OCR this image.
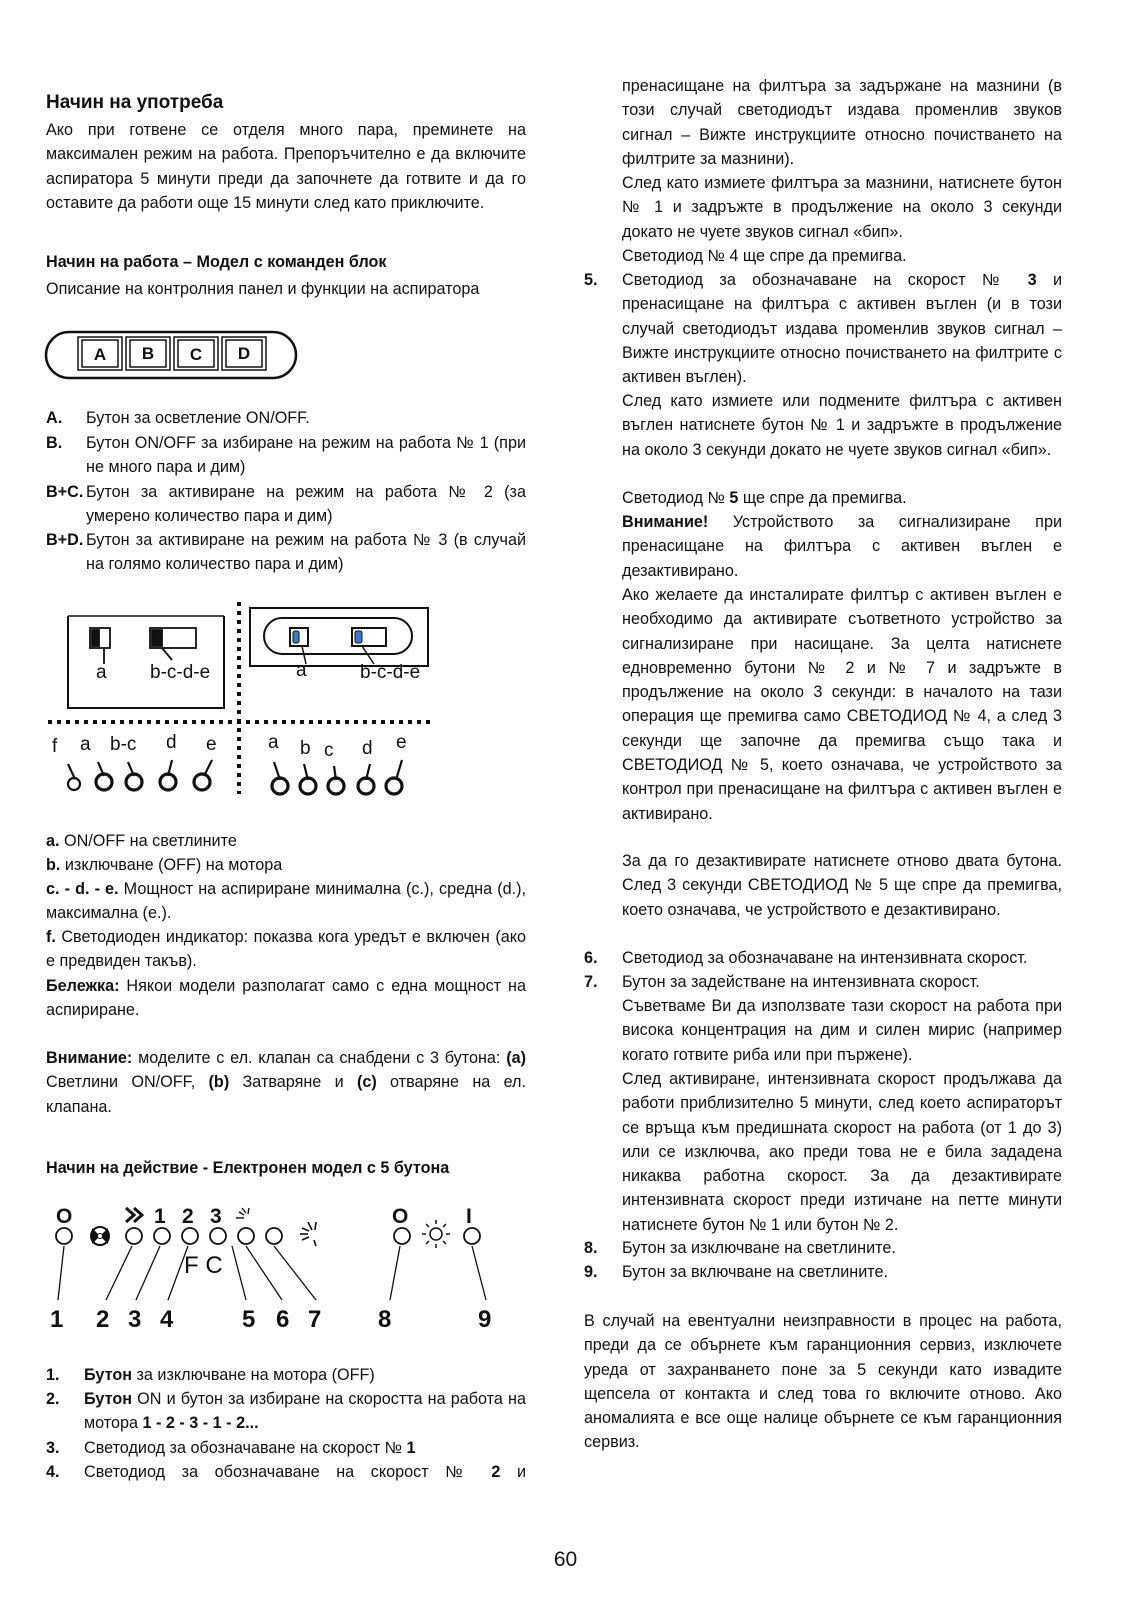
Начин на употреба

Ако при готвене се отделя много пара, преминете на максимален режим на работа. Препоръчително е да включите аспиратора 5 минути преди да започнете да готвите и да го оставите да работи още 15 минути след като приключите.

Начин на работа – Модел с команден блок
Описание на контролния панел и функции на аспиратора
A B C D
A.	Бутон за осветление ON/OFF.
B.	Бутон ON/OFF за избиране на режим на работа № 1 (при не много пара и дим)
B+C. Бутон за активиране на режим на работа № 2 (за умерено количество пара и дим)
B+D. Бутон за активиране на режим на работа № 3 (в случай на голямо количество пара и дим)
a b-c-d-e	a	b-c-d-e
f a b-c d e	a b c d e
a. ON/OFF на светлините
b. изключване (OFF) на мотора
c. - d. - e. Мощност на аспириране минимална (c.), средна (d.), максимална (e.).
f. Светодиоден индикатор: показва кога уредът е включен (ако е предвиден такъв).
Бележка: Някои модели разполагат само с една мощност на аспириране.
Внимание: моделите с ел. клапан са снабдени с 3 бутона: (a) Светлини ON/OFF, (b) Затваряне и (c) отваряне на ел. клапана.
Начин на действие - Електронен модел с 5 бутона
O	1 2 3	O	I
F C
1 2 3 4	5 6 7 8	9
1.	Бутон за изключване на мотора (OFF)
2.	Бутон ON и бутон за избиране на скоростта на работа на мотора 1 - 2 - 3 - 1 - 2...
3.	Светодиод за обозначаване на скорост № 1
4.	Светодиод за обозначаване на скорост № 2 и
пренасищане на филтъра за задържане на мазнини (в този случай светодиодът издава променлив звуков сигнал – Вижте инструкциите относно почистването на филтрите за мазнини).
След като измиете филтъра за мазнини, натиснете бутон № 1 и задръжте в продължение на около 3 секунди докато не чуете звуков сигнал «бип».
Светодиод № 4 ще спре да премигва.
5.	Светодиод за обозначаване на скорост № 3 и пренасищане на филтъра с активен въглен (и в този случай светодиодът издава променлив звуков сигнал – Вижте инструкциите относно почистването на филтрите с активен въглен).
След като измиете или подмените филтъра с активен въглен натиснете бутон № 1 и задръжте в продължение на около 3 секунди докато не чуете звуков сигнал «бип».
Светодиод № 5 ще спре да премигва.
Внимание! Устройството за сигнализиране при пренасищане на филтъра с активен въглен е дезактивирано.
Ако желаете да инсталирате филтър с активен въглен е необходимо да активирате съответното устройство за сигнализиране при насищане. За целта натиснете едновременно бутони № 2 и № 7 и задръжте в продължение на около 3 секунди: в началото на тази операция ще премигва само СВЕТОДИОД № 4, а след 3 секунди ще започне да премигва също така и СВЕТОДИОД № 5, което означава, че устройството за контрол при пренасищане на филтъра с активен въглен е активирано.
За да го дезактивирате натиснете отново двата бутона. След 3 секунди СВЕТОДИОД № 5 ще спре да премигва, което означава, че устройството е дезактивирано.
6.	Светодиод за обозначаване на интензивната скорост.
7.	Бутон за задействане на интензивната скорост.
Съветваме Ви да използвате тази скорост на работа при висока концентрация на дим и силен мирис (например когато готвите риба или при пържене).
След активиране, интензивната скорост продължава да работи приблизително 5 минути, след което аспираторът се връща към предишната скорост на работа (от 1 до 3) или се изключва, ако преди това не е била зададена никаква работна скорост. За да дезактивирате интензивната скорост преди изтичане на петте минути натиснете бутон № 1 или бутон № 2.
8.	Бутон за изключване на светлините.
9.	Бутон за включване на светлините.
В случай на евентуални неизправности в процес на работа, преди да се обърнете към гаранционния сервиз, изключете уреда от захранването поне за 5 секунди като извадите щепсела от контакта и след това го включите отново. Ако аномалията е все още налице обърнете се към гаранционния сервиз.
60
